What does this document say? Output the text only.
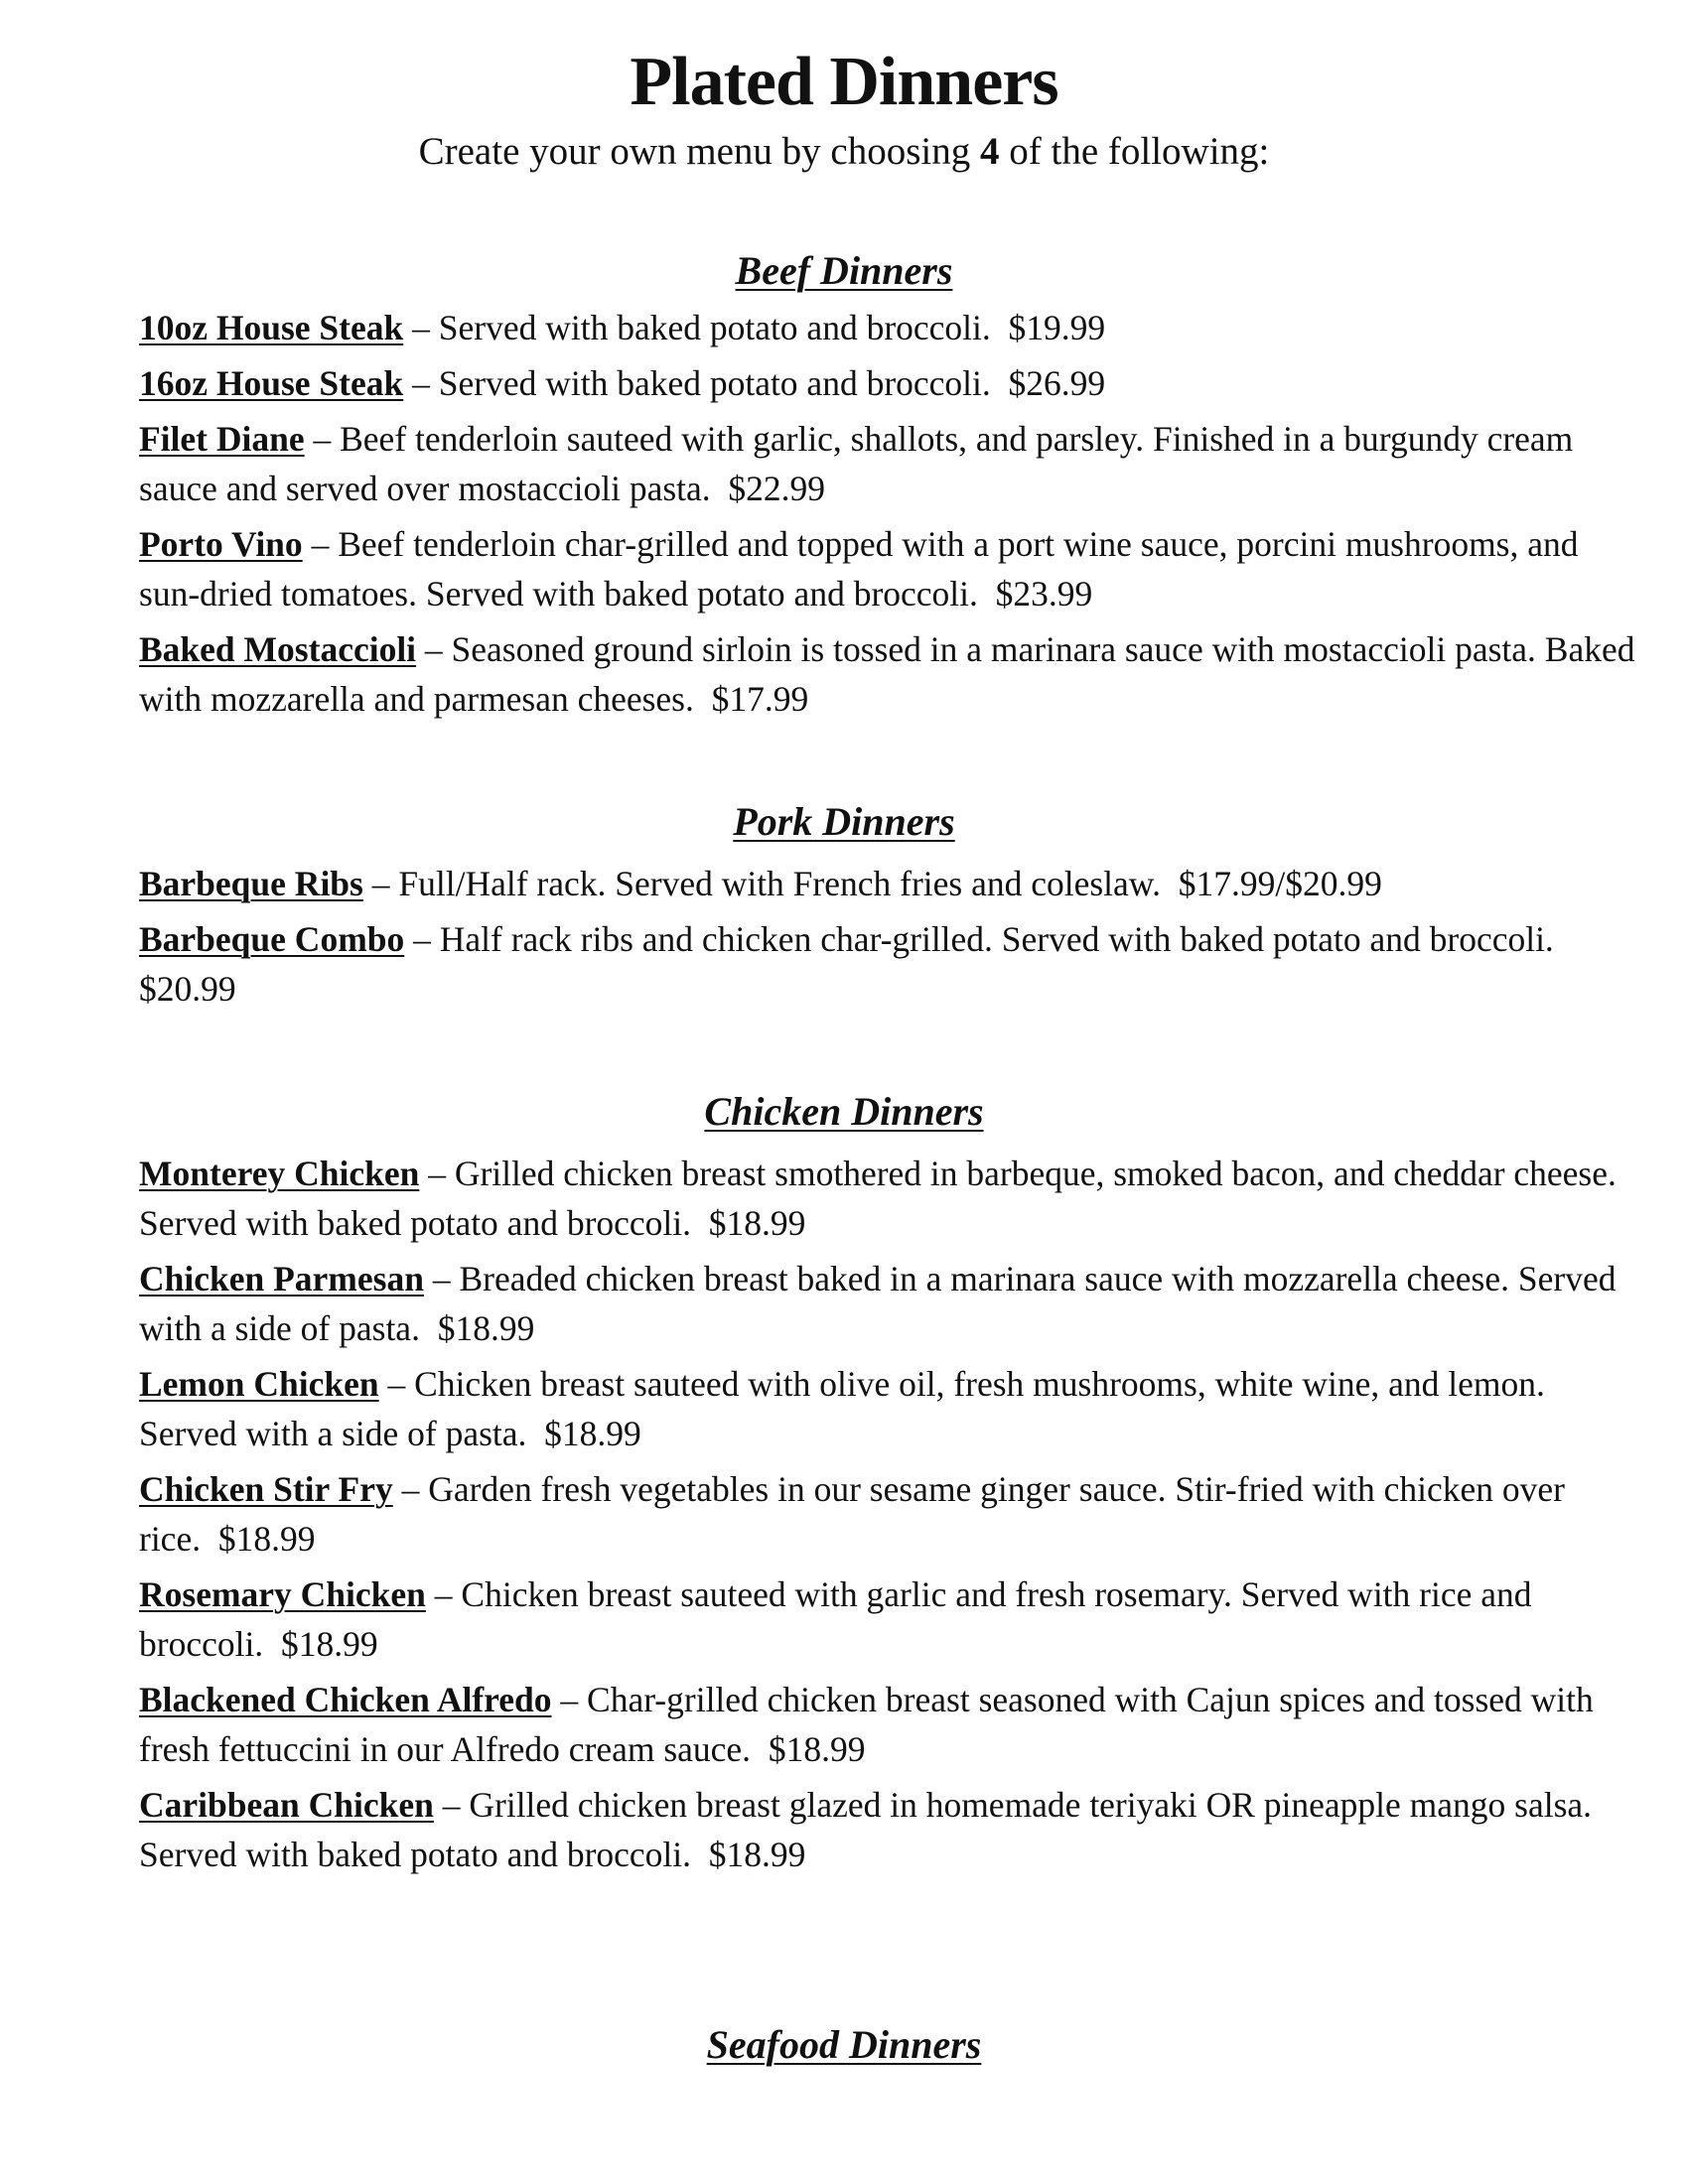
Plated Dinners

Create your own menu by choosing 4 of the following:

Beef Dinners

10oz House Steak – Served with baked potato and broccoli. $19.99

16oz House Steak – Served with baked potato and broccoli. $26.99

Filet Diane – Beef tenderloin sauteed with garlic, shallots, and parsley. Finished in a burgundy cream sauce and served over mostaccioli pasta. $22.99

Porto Vino – Beef tenderloin char-grilled and topped with a port wine sauce, porcini mushrooms, and sun-dried tomatoes. Served with baked potato and broccoli. $23.99

Baked Mostaccioli – Seasoned ground sirloin is tossed in a marinara sauce with mostaccioli pasta. Baked with mozzarella and parmesan cheeses. $17.99

Pork Dinners

Barbeque Ribs – Full/Half rack. Served with French fries and coleslaw. $17.99/$20.99

Barbeque Combo – Half rack ribs and chicken char-grilled. Served with baked potato and broccoli.  $20.99

Chicken Dinners

Monterey Chicken – Grilled chicken breast smothered in barbeque, smoked bacon, and cheddar cheese. Served with baked potato and broccoli. $18.99

Chicken Parmesan – Breaded chicken breast baked in a marinara sauce with mozzarella cheese. Served with a side of pasta. $18.99

Lemon Chicken – Chicken breast sauteed with olive oil, fresh mushrooms, white wine, and lemon. Served with a side of pasta. $18.99

Chicken Stir Fry – Garden fresh vegetables in our sesame ginger sauce. Stir-fried with chicken over rice. $18.99

Rosemary Chicken – Chicken breast sauteed with garlic and fresh rosemary. Served with rice and broccoli. $18.99

Blackened Chicken Alfredo – Char-grilled chicken breast seasoned with Cajun spices and tossed with fresh fettuccini in our Alfredo cream sauce. $18.99

Caribbean Chicken – Grilled chicken breast glazed in homemade teriyaki OR pineapple mango salsa. Served with baked potato and broccoli. $18.99

Seafood Dinners
